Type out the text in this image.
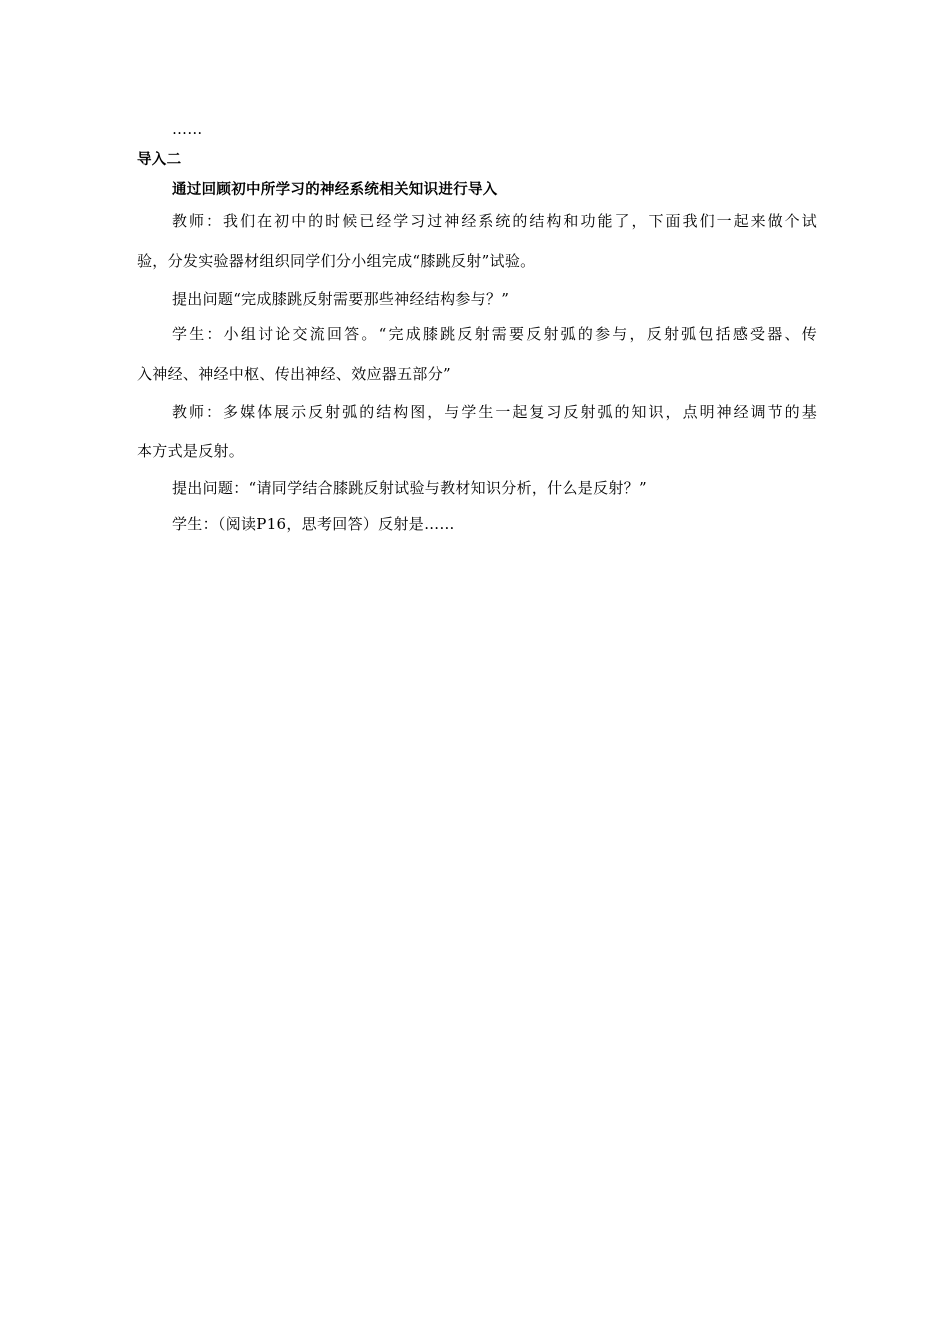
……
导入二
通过回顾初中所学习的神经系统相关知识进行导入
教师：我们在初中的时候已经学习过神经系统的结构和功能了，下面我们一起来做个试
验，分发实验器材组织同学们分小组完成“膝跳反射”试验。
提出问题“完成膝跳反射需要那些神经结构参与？”
学生：小组讨论交流回答。“完成膝跳反射需要反射弧的参与，反射弧包括感受器、传
入神经、神经中枢、传出神经、效应器五部分”
教师：多媒体展示反射弧的结构图，与学生一起复习反射弧的知识，点明神经调节的基
本方式是反射。
提出问题：“请同学结合膝跳反射试验与教材知识分析，什么是反射？”
学生：（阅读P16，思考回答）反射是……
